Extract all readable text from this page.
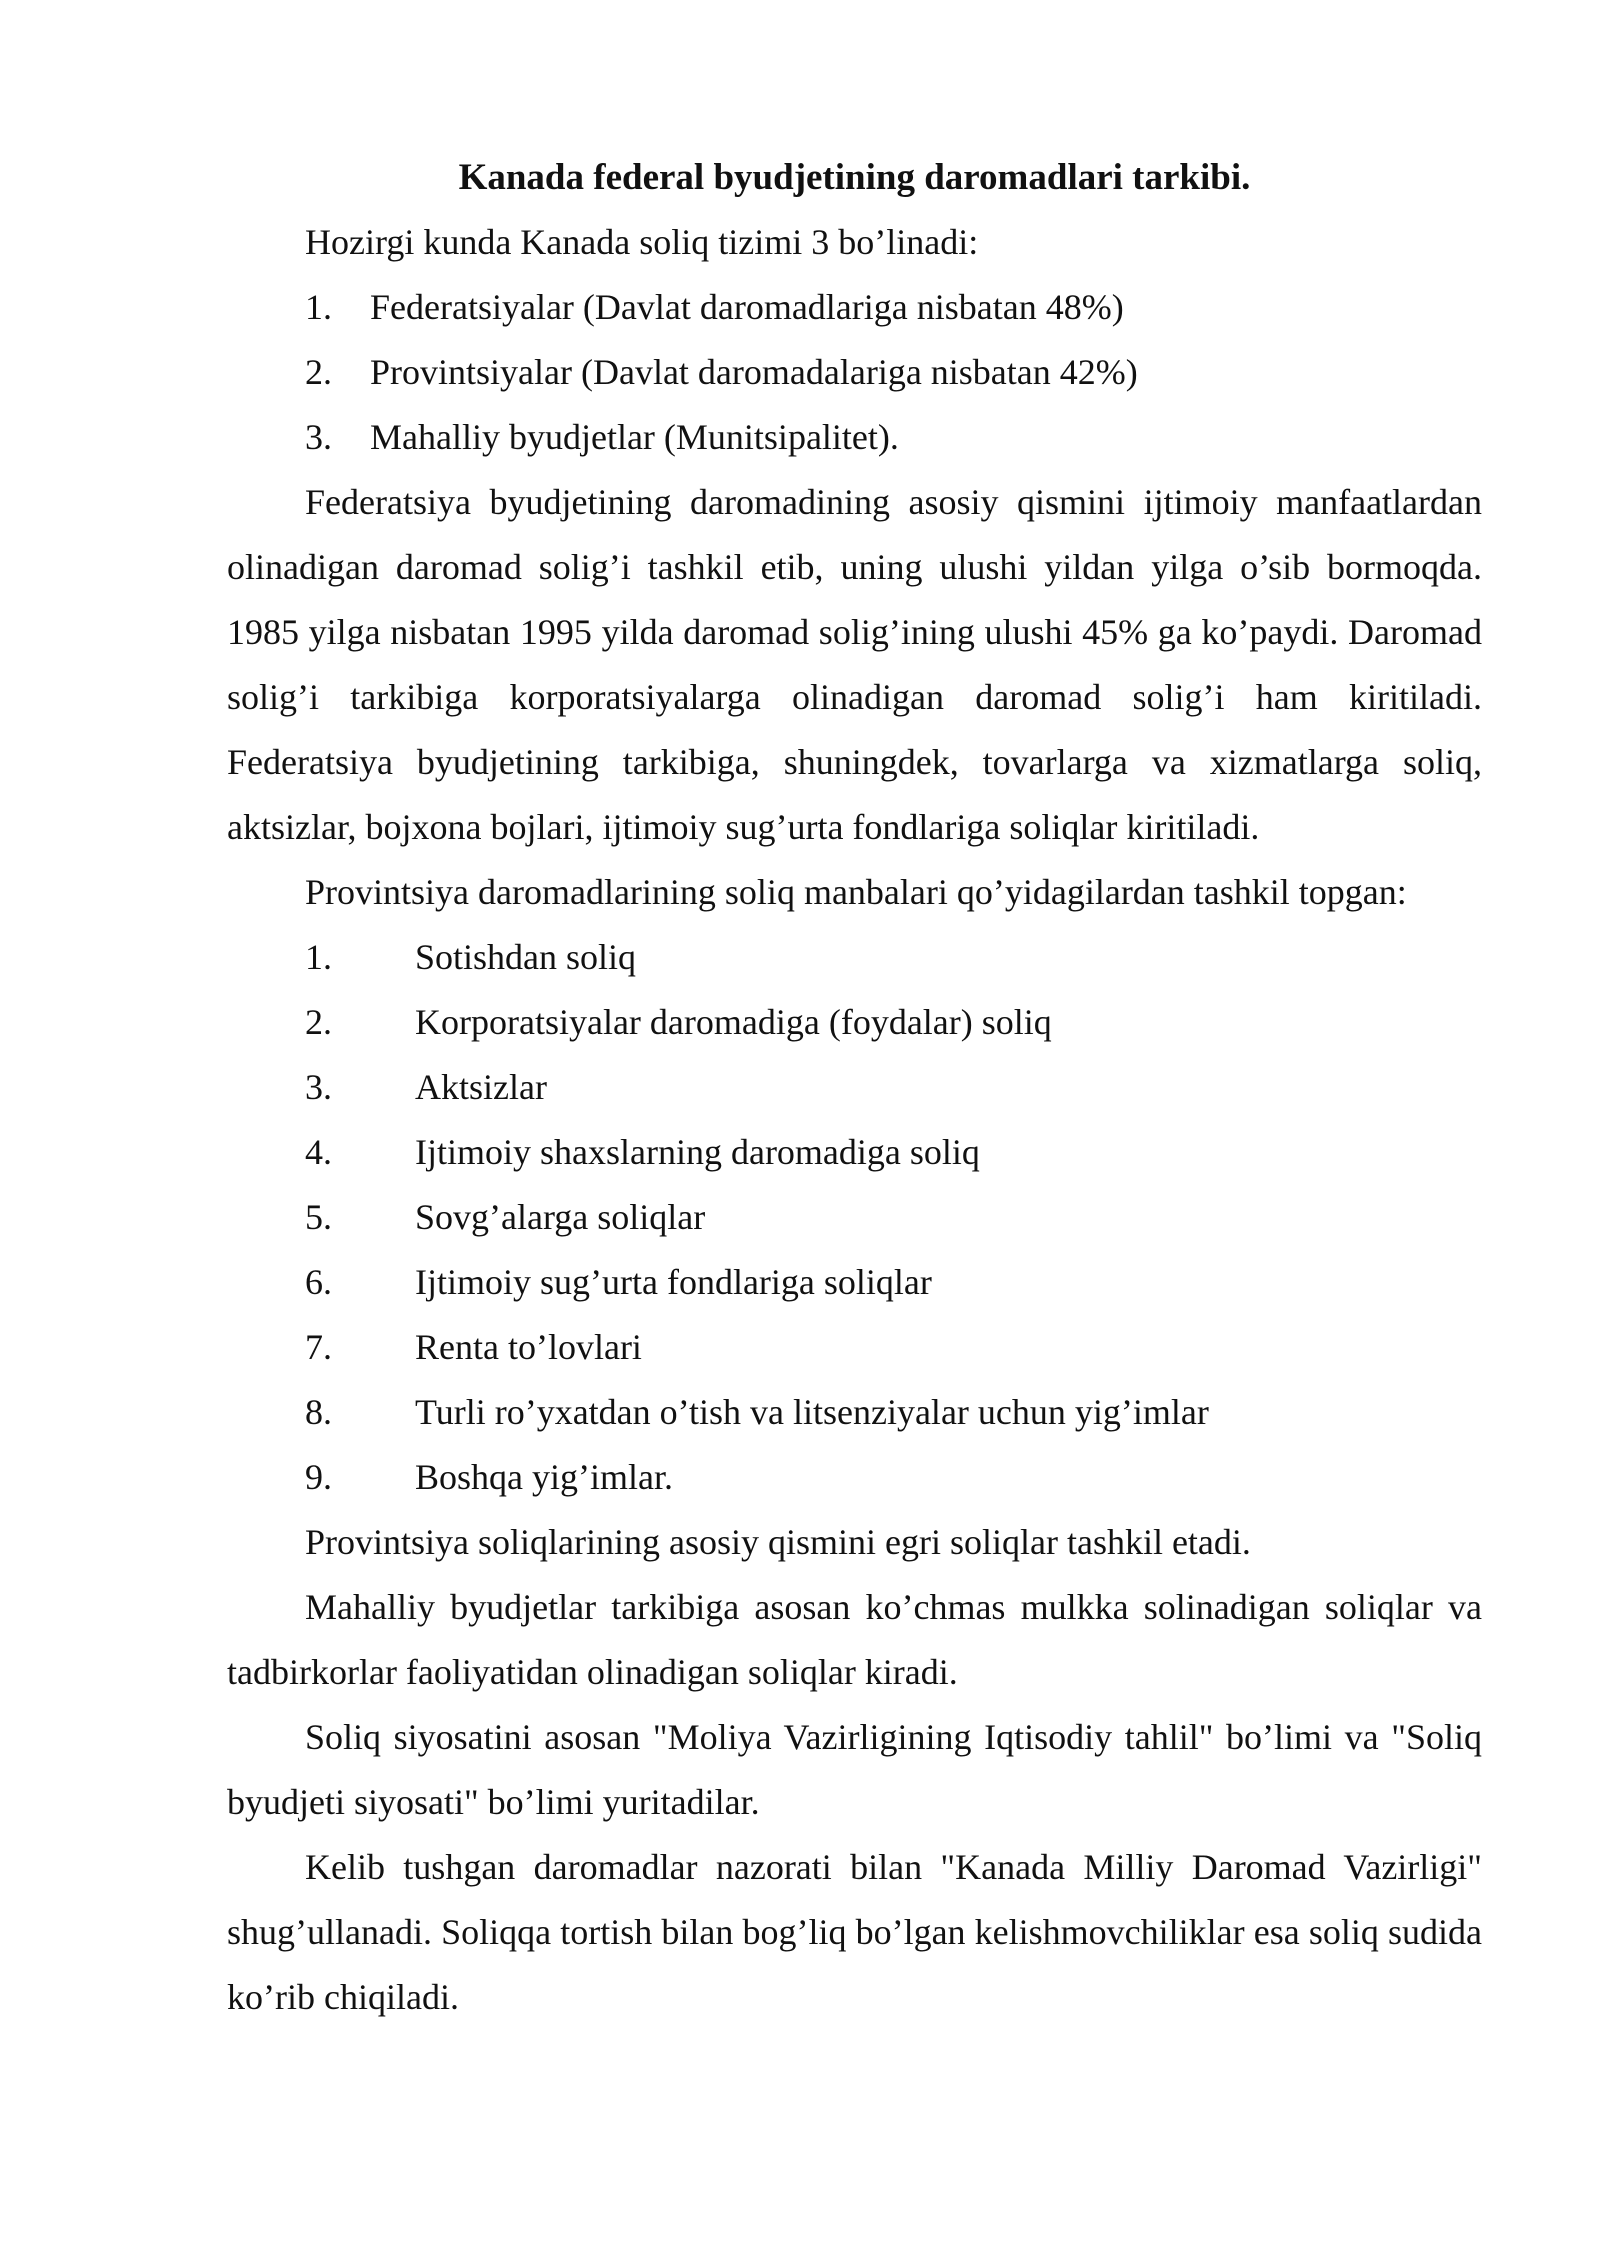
Kanada federal byudjetining daromadlari tarkibi.

Hozirgi kunda Kanada soliq tizimi 3 bo’linadi:

1.	Federatsiyalar (Davlat daromadlariga nisbatan 48%)
2.	Provintsiyalar (Davlat daromadalariga nisbatan 42%)
3.	Mahalliy byudjetlar (Munitsipalitet).

Federatsiya byudjetining daromadining asosiy qismini ijtimoiy manfaatlardan olinadigan daromad solig’i tashkil etib, uning ulushi yildan yilga o’sib bormoqda. 1985 yilga nisbatan 1995 yilda daromad solig’ining ulushi 45% ga ko’paydi. Daromad solig’i tarkibiga korporatsiyalarga olinadigan daromad solig’i ham kiritiladi. Federatsiya byudjetining tarkibiga, shuningdek, tovarlarga va xizmatlarga soliq, aktsizlar, bojxona bojlari, ijtimoiy sug’urta fondlariga soliqlar kiritiladi.

Provintsiya daromadlarining soliq manbalari qo’yidagilardan tashkil topgan:

1.	Sotishdan soliq
2.	Korporatsiyalar daromadiga (foydalar) soliq
3.	Aktsizlar
4.	Ijtimoiy shaxslarning daromadiga soliq
5.	Sovg’alarga soliqlar
6.	Ijtimoiy sug’urta fondlariga soliqlar
7.	Renta to’lovlari
8.	Turli ro’yxatdan o’tish va litsenziyalar uchun yig’imlar
9.	Boshqa yig’imlar.

Provintsiya soliqlarining asosiy qismini egri soliqlar tashkil etadi.

Mahalliy byudjetlar tarkibiga asosan ko’chmas mulkka solinadigan soliqlar va tadbirkorlar faoliyatidan olinadigan soliqlar kiradi.

Soliq siyosatini asosan "Moliya Vazirligining Iqtisodiy tahlil" bo’limi va "Soliq byudjeti siyosati" bo’limi yuritadilar.

Kelib tushgan daromadlar nazorati bilan "Kanada Milliy Daromad Vazirligi" shug’ullanadi. Soliqqa tortish bilan bog’liq bo’lgan kelishmovchiliklar esa soliq sudida ko’rib chiqiladi.
